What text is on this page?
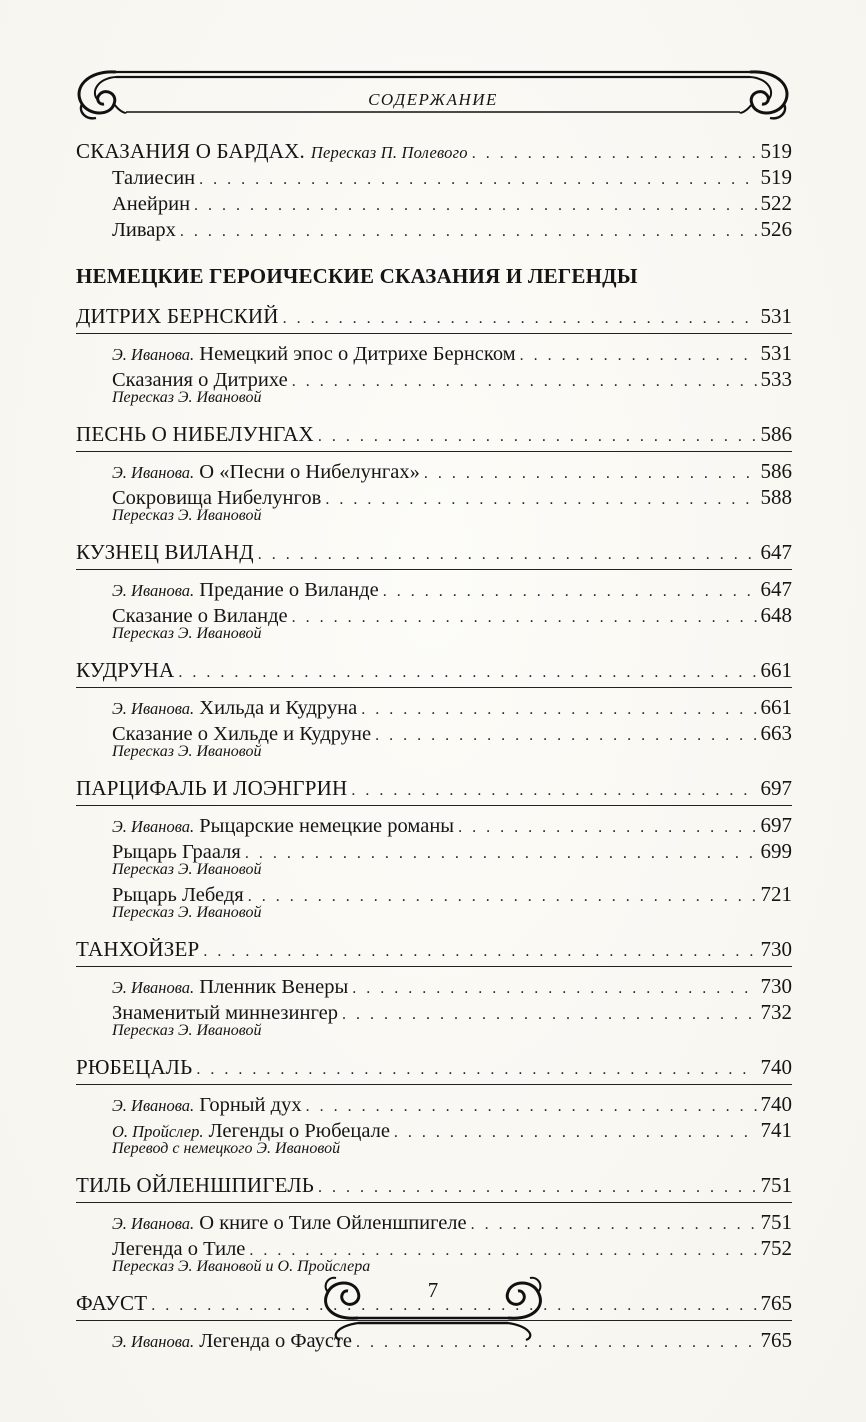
СОДЕРЖАНИЕ
СКАЗАНИЯ О БАРДАХ. Пересказ П. Полевого . . .	519
Талиесин . . .	519
Анейрин . . .	522
Ливарх . . .	526
НЕМЕЦКИЕ ГЕРОИЧЕСКИЕ СКАЗАНИЯ И ЛЕГЕНДЫ
ДИТРИХ БЕРНСКИЙ . . .	531
Э. Иванова. Немецкий эпос о Дитрихе Бернском . . .	531
Сказания о Дитрихе . . .	533
Пересказ Э. Ивановой
ПЕСНЬ О НИБЕЛУНГАХ . . .	586
Э. Иванова. О «Песни о Нибелунгах» . . .	586
Сокровища Нибелунгов . . .	588
Пересказ Э. Ивановой
КУЗНЕЦ ВИЛАНД . . .	647
Э. Иванова. Предание о Виланде . . .	647
Сказание о Виланде . . .	648
Пересказ Э. Ивановой
КУДРУНА . . .	661
Э. Иванова. Хильда и Кудруна . . .	661
Сказание о Хильде и Кудруне . . .	663
Пересказ Э. Ивановой
ПАРЦИФАЛЬ И ЛОЭНГРИН . . .	697
Э. Иванова. Рыцарские немецкие романы . . .	697
Рыцарь Грааля . . .	699
Пересказ Э. Ивановой
Рыцарь Лебедя . . .	721
Пересказ Э. Ивановой
ТАНХОЙЗЕР . . .	730
Э. Иванова. Пленник Венеры . . .	730
Знаменитый миннезингер . . .	732
Пересказ Э. Ивановой
РЮБЕЦАЛЬ . . .	740
Э. Иванова. Горный дух . . .	740
О. Пройслер. Легенды о Рюбецале . . .	741
Перевод с немецкого Э. Ивановой
ТИЛЬ ОЙЛЕНШПИГЕЛЬ . . .	751
Э. Иванова. О книге о Тиле Ойленшпигеле . . .	751
Легенда о Тиле . . .	752
Пересказ Э. Ивановой и О. Пройслера
ФАУСТ . . .	765
Э. Иванова. Легенда о Фаусте . . .	765
7
